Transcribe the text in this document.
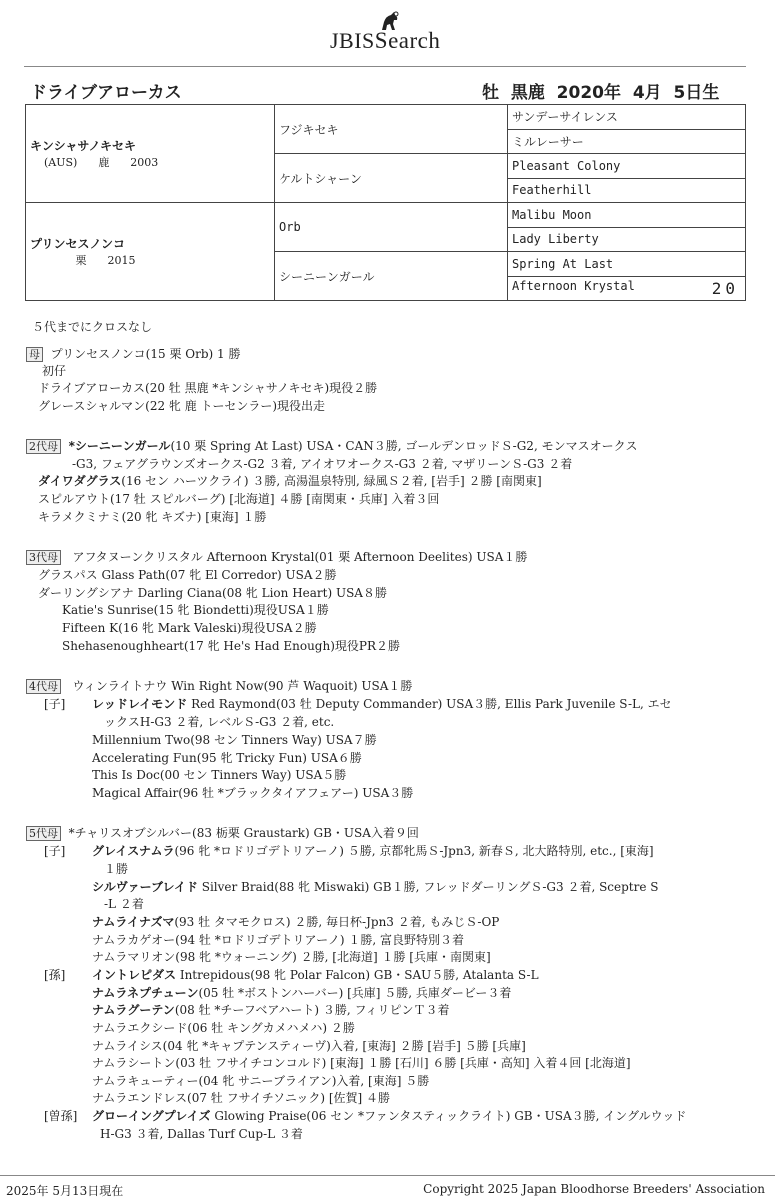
JBISSearch
ドライブアローカス	牡  黒鹿  2020年  4月  5日生
キンシャサノキセキ
(AUS)      鹿      2003	フジキセキ	サンデーサイレンス
		ミルレーサー
	ケルトシャーン	Pleasant Colony
		Featherhill

プリンセスノンコ
栗      2015	Orb	Malibu Moon
		Lady Liberty
	シーニーンガール	Spring At Last
		Afternoon Krystal 20
５代までにクロスなし
母 プリンセスノンコ(15 栗 Orb) 1 勝
初仔
ドライブアローカス(20 牡 黒鹿 *キンシャサノキセキ)現役２勝
グレースシャルマン(22 牝 鹿 トーセンラー)現役出走
2代母 *シーニーンガール(10 栗 Spring At Last) USA・CAN３勝, ゴールデンロッドＳ-G2, モンマスオークス
-G3, フェアグラウンズオークス-G2 ３着, アイオワオークス-G3 ２着, マザリーンＳ-G3 ２着
ダイワダグラス(16 セン ハーツクライ) ３勝, 高湯温泉特別, 緑風Ｓ２着, [岩手] ２勝 [南関東]
スピルアウト(17 牡 スピルバーグ) [北海道] ４勝 [南関東・兵庫] 入着３回
キラメクミナミ(20 牝 キズナ) [東海] １勝
3代母 アフタヌーンクリスタル Afternoon Krystal(01 栗 Afternoon Deelites) USA１勝
グラスパス Glass Path(07 牝 El Corredor) USA２勝
ダーリングシアナ Darling Ciana(08 牝 Lion Heart) USA８勝
Katie's Sunrise(15 牝 Biondetti)現役USA１勝
Fifteen K(16 牝 Mark Valeski)現役USA２勝
Shehasenoughheart(17 牝 He's Had Enough)現役PR２勝
4代母 ウィンライトナウ Win Right Now(90 芦 Waquoit) USA１勝
[子] レッドレイモンド Red Raymond(03 牡 Deputy Commander) USA３勝, Ellis Park Juvenile S-L, エセ
ックスH-G3 ２着, レベルＳ-G3 ２着, etc.
Millennium Two(98 セン Tinners Way) USA７勝
Accelerating Fun(95 牝 Tricky Fun) USA６勝
This Is Doc(00 セン Tinners Way) USA５勝
Magical Affair(96 牡 *ブラックタイアフェアー) USA３勝
5代母 *チャリスオブシルバー(83 栃栗 Graustark) GB・USA入着９回
[子] グレイスナムラ(96 牝 *ロドリゴデトリアーノ) ５勝, 京都牝馬Ｓ-Jpn3, 新春Ｓ, 北大路特別, etc., [東海]
１勝
シルヴァーブレイド Silver Braid(88 牝 Miswaki) GB１勝, フレッドダーリングＳ-G3 ２着, Sceptre S
-L ２着
ナムライナズマ(93 牡 タマモクロス) ２勝, 毎日杯-Jpn3 ２着, もみじＳ-OP
ナムラカゲオー(94 牡 *ロドリゴデトリアーノ) １勝, 富良野特別３着
ナムラマリオン(98 牝 *ウォーニング) ２勝, [北海道] １勝 [兵庫・南関東]
[孫] イントレピダス Intrepidous(98 牝 Polar Falcon) GB・SAU５勝, Atalanta S-L
ナムラネプチューン(05 牡 *ボストンハーバー) [兵庫] ５勝, 兵庫ダービー３着
ナムラグーテン(08 牡 *チーフベアハート) ３勝, フィリピンＴ３着
ナムラエクシード(06 牡 キングカメハメハ) ２勝
ナムライシス(04 牝 *キャプテンスティーヴ)入着, [東海] ２勝 [岩手] ５勝 [兵庫]
ナムラシートン(03 牡 フサイチコンコルド) [東海] １勝 [石川] ６勝 [兵庫・高知] 入着４回 [北海道]
ナムラキューティー(04 牝 サニーブライアン)入着, [東海] ５勝
ナムラエンドレス(07 牡 フサイチソニック) [佐賀] ４勝
[曽孫] グローイングプレイズ Glowing Praise(06 セン *ファンタスティックライト) GB・USA３勝, イングルウッド
H-G3 ３着, Dallas Turf Cup-L ３着
2025年 5月13日現在	Copyright 2025 Japan Bloodhorse Breeders' Association
